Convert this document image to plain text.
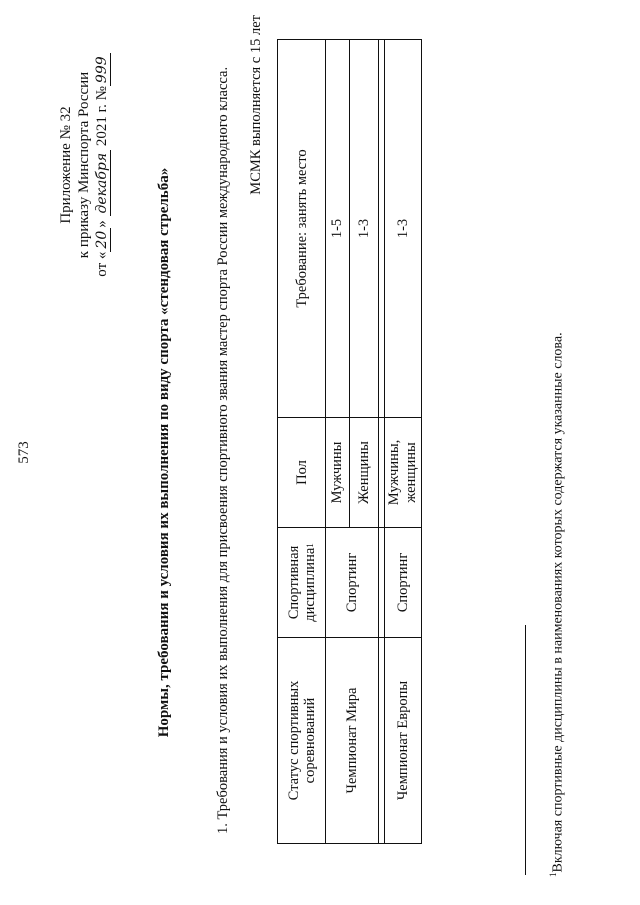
573
Приложение № 32 к приказу Минспорта России
от «20» декабря 2021 г. №999
Нормы, требования и условия их выполнения по виду спорта «стендовая стрельба»	1. Требования и условия их выполнения для присвоения спортивного звания мастер спорта России международного класса. МСМК выполняется с 15 лет
Статус спортивных соревнований	Спортивная дисциплина$^1$	Пол	Требование: занять место
Чемпионат Мира	Спортинг	Мужчины	1-5
		Женщины	1-3

Чемпионат Европы	Спортинг	Мужчины, женщины	1-3
$^1$Включая спортивные дисциплины в наименованиях которых содержатся указанные слова.
